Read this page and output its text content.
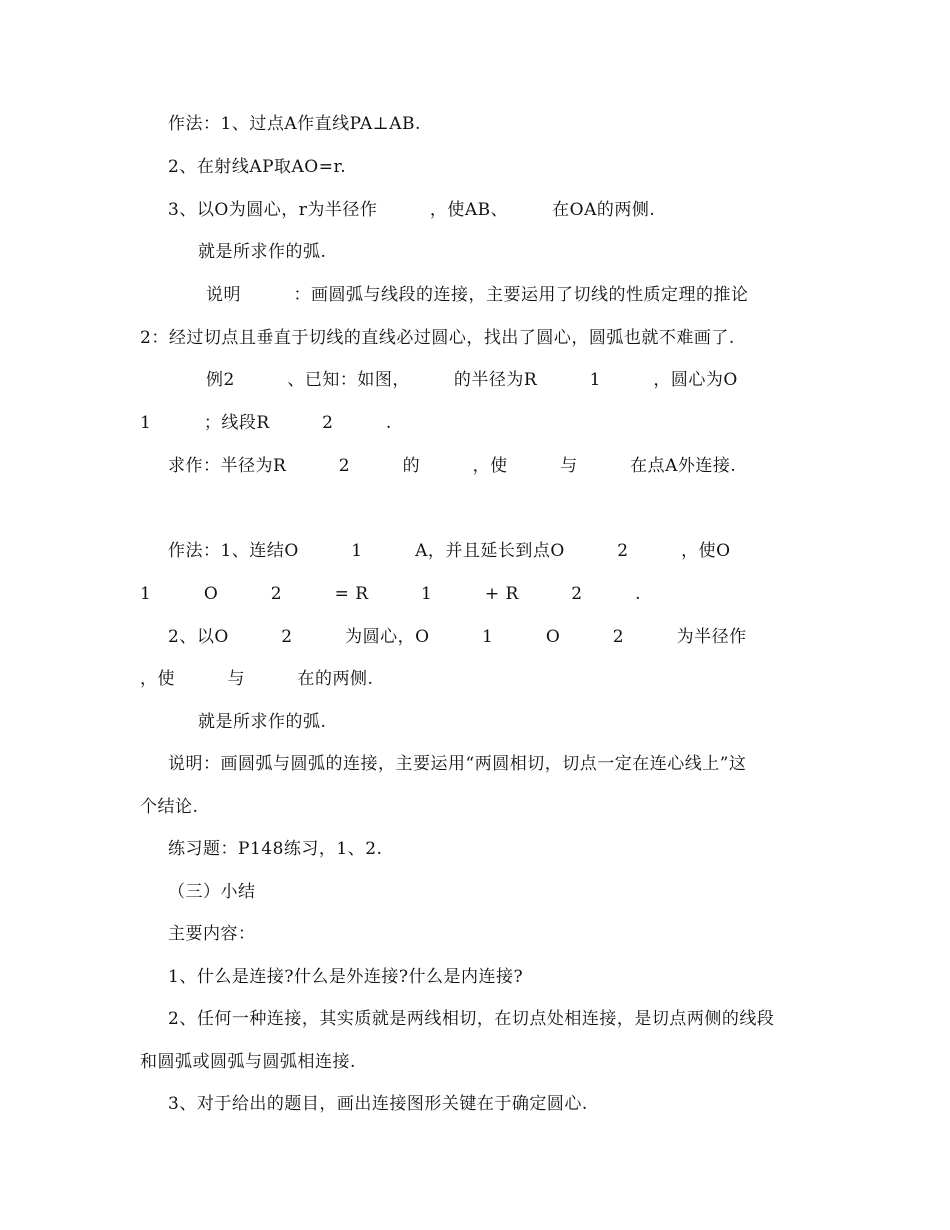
作法：1、过点A作直线PA⊥AB.
2、在射线AP取AO=r.
3、以O为圆心，r为半径作　　　，使AB、　　　在OA的两侧.
就是所求作的弧.
说明　　　：画圆弧与线段的连接，主要运用了切线的性质定理的推论
2：经过切点且垂直于切线的直线必过圆心，找出了圆心，圆弧也就不难画了.
例2　　　、已知：如图，　　　的半径为R　　　1　　　，圆心为O
1　　　；线段R　　　2　　　.
求作：半径为R　　　2　　　的　　　，使　　　与　　　在点A外连接.
作法：1、连结O　　　1　　　A，并且延长到点O　　　2　　　，使O
1　　　O　　　2　　　= R　　　1　　　+ R　　　2　　　.
2、以O　　　2　　　为圆心，O　　　1　　　O　　　2　　　为半径作
，使　　　与　　　在的两侧.
就是所求作的弧.
说明：画圆弧与圆弧的连接，主要运用“两圆相切，切点一定在连心线上”这
个结论.
练习题：P148练习，1、2.
（三）小结
主要内容：
1、什么是连接?什么是外连接?什么是内连接?
2、任何一种连接，其实质就是两线相切，在切点处相连接，是切点两侧的线段
和圆弧或圆弧与圆弧相连接.
3、对于给出的题目，画出连接图形关键在于确定圆心.
